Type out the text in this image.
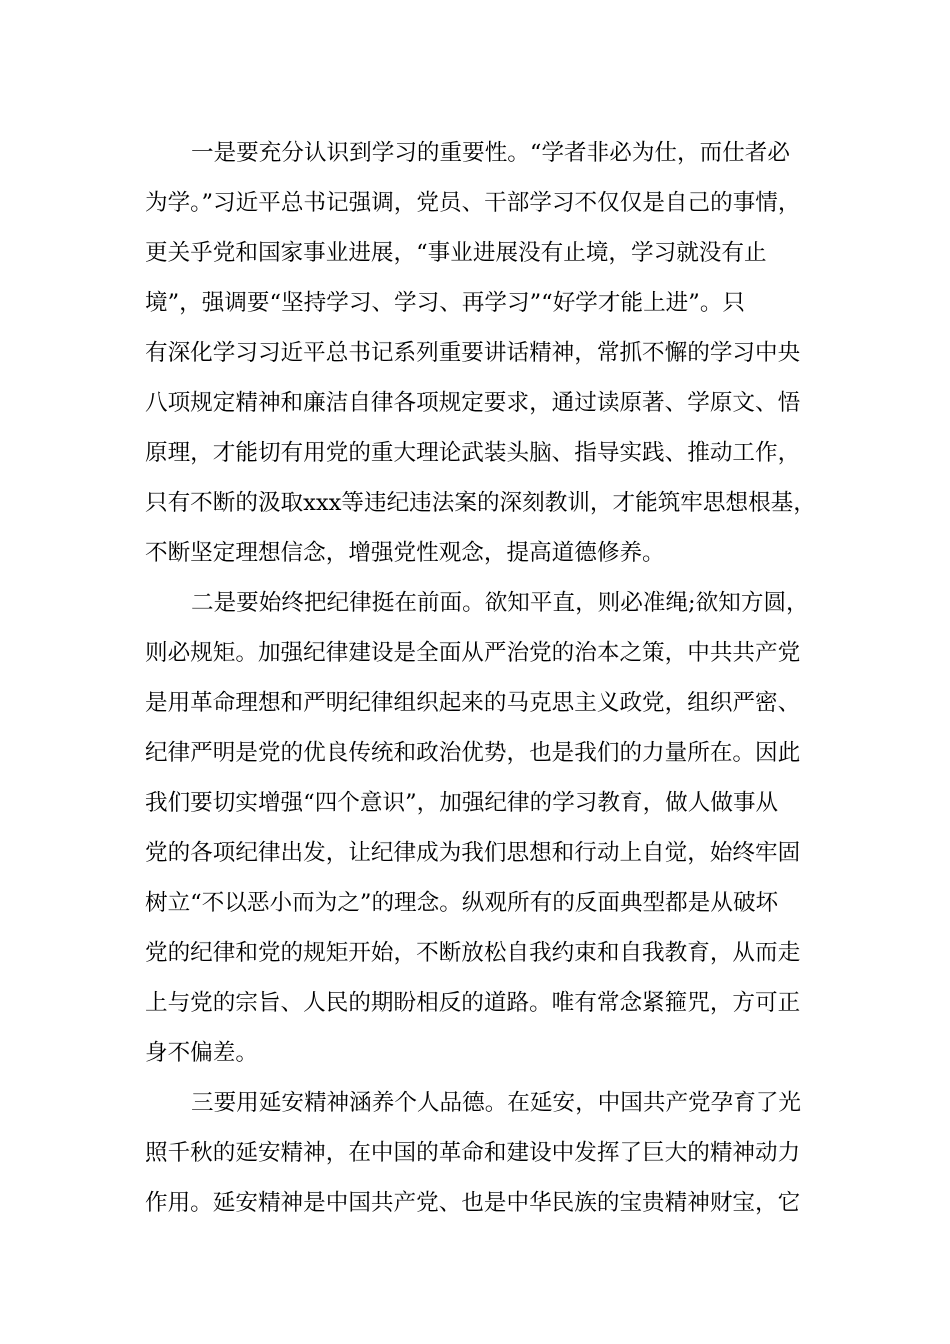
一是要充分认识到学习的重要性。“学者非必为仕，而仕者必

为学。”习近平总书记强调，党员、干部学习不仅仅是自己的事情，

更关乎党和国家事业进展，“事业进展没有止境，学习就没有止

境”，强调要“坚持学习、学习、再学习”“好学才能上进”。只

有深化学习习近平总书记系列重要讲话精神，常抓不懈的学习中央

八项规定精神和廉洁自律各项规定要求，通过读原著、学原文、悟

原理，才能切有用党的重大理论武装头脑、指导实践、推动工作，

只有不断的汲取xxx等违纪违法案的深刻教训，才能筑牢思想根基，

不断坚定理想信念，增强党性观念，提高道德修养。

二是要始终把纪律挺在前面。欲知平直，则必准绳;欲知方圆，

则必规矩。加强纪律建设是全面从严治党的治本之策，中共共产党

是用革命理想和严明纪律组织起来的马克思主义政党，组织严密、

纪律严明是党的优良传统和政治优势，也是我们的力量所在。因此

我们要切实增强“四个意识”，加强纪律的学习教育，做人做事从

党的各项纪律出发，让纪律成为我们思想和行动上自觉，始终牢固

树立“不以恶小而为之”的理念。纵观所有的反面典型都是从破坏

党的纪律和党的规矩开始，不断放松自我约束和自我教育，从而走

上与党的宗旨、人民的期盼相反的道路。唯有常念紧箍咒，方可正

身不偏差。

三要用延安精神涵养个人品德。在延安，中国共产党孕育了光

照千秋的延安精神，在中国的革命和建设中发挥了巨大的精神动力

作用。延安精神是中国共产党、也是中华民族的宝贵精神财宝，它
